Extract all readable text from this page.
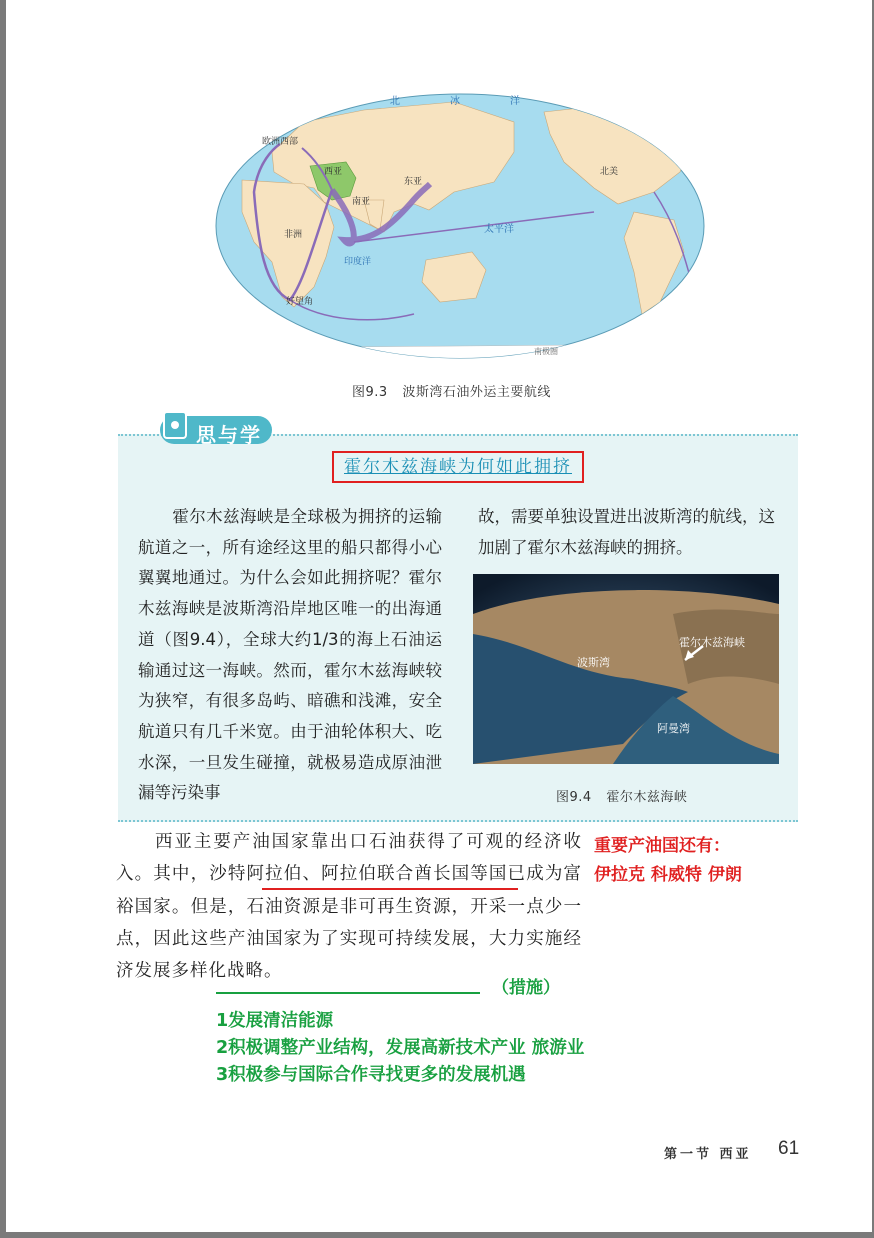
北	冰	洋
欧洲西部
西亚
东亚
南亚
北美
非洲
印度洋
太平洋
好望角
南极圈
图9.3 波斯湾石油外运主要航线
思与学
霍尔木兹海峡为何如此拥挤
霍尔木兹海峡是全球极为拥挤的运输航道之一，所有途经这里的船只都得小心翼翼地通过。为什么会如此拥挤呢？霍尔木兹海峡是波斯湾沿岸地区唯一的出海通道（图9.4），全球大约1/3的海上石油运输通过这一海峡。然而，霍尔木兹海峡较为狭窄，有很多岛屿、暗礁和浅滩，安全航道只有几千米宽。由于油轮体积大、吃水深，一旦发生碰撞，就极易造成原油泄漏等污染事
故，需要单独设置进出波斯湾的航线，这加剧了霍尔木兹海峡的拥挤。
霍尔木兹海峡
波斯湾
阿曼湾
图9.4 霍尔木兹海峡
西亚主要产油国家靠出口石油获得了可观的经济收入。其中，沙特阿拉伯、阿拉伯联合酋长国等国已成为富裕国家。但是，石油资源是非可再生资源，开采一点少一点，因此这些产油国家为了实现可持续发展，大力实施经济发展多样化战略。
重要产油国还有：
伊拉克 科威特 伊朗
（措施）
1发展清洁能源
2积极调整产业结构，发展高新技术产业 旅游业
3积极参与国际合作寻找更多的发展机遇
第一节 西亚 61
